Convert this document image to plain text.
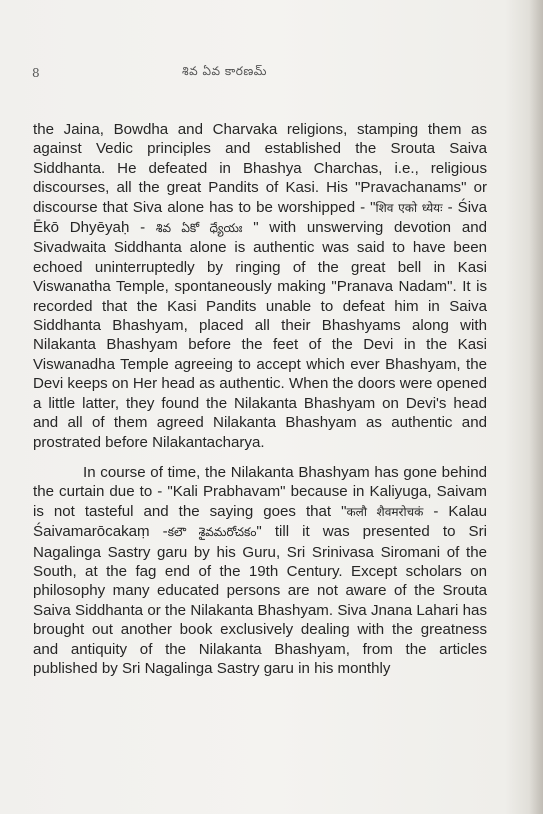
8	శివ ఏవ కారణమ్

the Jaina, Bowdha and Charvaka religions, stamping them as against Vedic principles and established the Srouta Saiva Siddhanta. He defeated in Bhashya Charchas, i.e., religious discourses, all the great Pandits of Kasi. His "Pravachanams" or discourse that Siva alone has to be worshipped - "शिव एको ध्येयः - Śiva Ēkō Dhyēyaḥ - శివ ఏకో ధ్యేయః " with unswerving devotion and Sivadwaita Siddhanta alone is authentic was said to have been echoed uninterruptedly by ringing of the great bell in Kasi Viswanatha Temple, spontaneously making "Pranava Nadam". It is recorded that the Kasi Pandits unable to defeat him in Saiva Siddhanta Bhashyam, placed all their Bhashyams along with Nilakanta Bhashyam before the feet of the Devi in the Kasi Viswanadha Temple agreeing to accept which ever Bhashyam, the Devi keeps on Her head as authentic. When the doors were opened a little latter, they found the Nilakanta Bhashyam on Devi's head and all of them agreed Nilakanta Bhashyam as authentic and prostrated before Nilakantacharya.

In course of time, the Nilakanta Bhashyam has gone behind the curtain due to - "Kali Prabhavam" because in Kaliyuga, Saivam is not tasteful and the saying goes that "कलौ शैवमरोचकं - Kalau Śaivamarōcakaṃ -కలౌ శైవమరోచకం" till it was presented to Sri Nagalinga Sastry garu by his Guru, Sri Srinivasa Siromani of the South, at the fag end of the 19th Century. Except scholars on philosophy many educated persons are not aware of the Srouta Saiva Siddhanta or the Nilakanta Bhashyam. Siva Jnana Lahari has brought out another book exclusively dealing with the greatness and antiquity of the Nilakanta Bhashyam, from the articles published by Sri Nagalinga Sastry garu in his monthly
